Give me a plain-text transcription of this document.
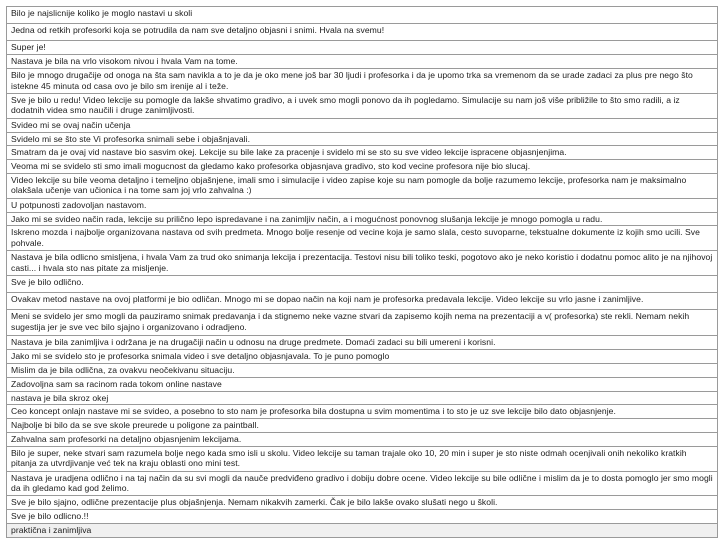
Bilo je najslicnije koliko je moglo nastavi u skoli
Jedna od retkih profesorki koja se potrudila da nam sve detaljno objasni i snimi. Hvala na svemu!
Super je!
Nastava je bila na vrlo visokom nivou i hvala Vam na tome.
Bilo je mnogo drugačije od onoga na šta sam navikla a to je da je oko mene još bar 30 ljudi i profesorka i da je upomo trka sa vremenom da se urade zadaci za plus pre nego što istekne 45 minuta od casa ovo je bilo sm irenije al i teže.
Sve je bilo u redu! Video lekcije su pomogle da lakše shvatimo gradivo, a i uvek smo mogli ponovo da ih pogledamo. Simulacije su nam još više približile to što smo radili, a iz dodatnih videa smo naučili i druge zanimljivosti.
Svideo mi se ovaj način učenja
Svidelo mi se što ste Vi profesorka snimali sebe i objašnjavali.
Smatram da je ovaj vid nastave bio sasvim okej. Lekcije su bile lake za pracenje i svidelo mi se sto su sve video lekcije ispracene objasnjenjima.
Veoma mi se svidelo sti smo imali mogucnost da gledamo kako profesorka objasnjava gradivo, sto kod vecine profesora nije bio slucaj.
Video lekcije su bile veoma detaljno i temeljno objašnjene, imali smo i simulacije i video zapise koje su nam pomogle da bolje razumemo lekcije, profesorka nam je maksimalno olakšala učenje van učionica i na tome sam joj vrlo zahvalna :)
U potpunosti zadovoljan nastavom.
Jako mi se svideo način rada, lekcije su prilično lepo ispredavane i na zanimljiv način, a i mogućnost ponovnog slušanja lekcije je mnogo pomogla u radu.
Iskreno mozda i najbolje organizovana nastava od svih predmeta. Mnogo bolje resenje od vecine koja je samo slala, cesto suvoparne, tekstualne dokumente iz kojih smo ucili. Sve pohvale.
Nastava je bila odlicno smisljena, i hvala Vam za trud oko snimanja lekcija i prezentacija. Testovi nisu bili toliko teski, pogotovo ako je neko koristio i dodatnu pomoc alito je na njihovoj casti... i hvala sto nas pitate za misljenje.
Sve je bilo odlično.
Ovakav metod nastave na ovoj platformi je bio odličan. Mnogo mi se dopao način na koji nam je profesorka predavala lekcije. Video lekcije su vrlo jasne i zanimljive.
Meni se svidelo jer smo mogli da pauziramo snimak predavanja i da stignemo neke vazne stvari da zapisemo kojih nema na prezentaciji a v( profesorka) ste rekli. Nemam nekih sugestija jer je sve vec bilo sjajno i organizovano i odradjeno.
Nastava je bila zanimljiva i održana je na drugačiji način u odnosu na druge predmete. Domaći zadaci su bili umereni i korisni.
Jako mi se svidelo sto je profesorka snimala video i sve detaljno objasnjavala. To je puno pomoglo
Mislim da je bila odlična, za ovakvu neočekivanu situaciju.
Zadovoljna sam sa racinom rada tokom online nastave
nastava je bila skroz okej
Ceo koncept onlajn nastave mi se svideo, a posebno to sto nam je profesorka bila dostupna u svim momentima i to sto je uz sve lekcije bilo dato objasnjenje.
Najbolje bi bilo da se sve skole preurede u poligone za paintball.
Zahvalna sam profesorki na detaljno objasnjenim lekcijama.
Bilo je super, neke stvari sam razumela bolje nego kada smo isli u skolu. Video lekcije su taman trajale oko 10, 20 min i super je sto niste odmah ocenjivali onih nekoliko kratkih pitanja za utvrdjivanje već tek na kraju oblasti ono mini test.
Nastava je uradjena odlično i na taj način da su svi mogli da nauče predviđeno gradivo i dobiju dobre ocene. Video lekcije su bile odlične i mislim da je to dosta pomoglo jer smo mogli da ih gledamo kad god želimo.
Sve je bilo sjajno, odlične prezentacije plus objašnjenja. Nemam nikakvih zamerki. Čak je bilo lakše ovako slušati nego u školi.
Sve je bilo odlicno.!!
praktična i zanimljiva
